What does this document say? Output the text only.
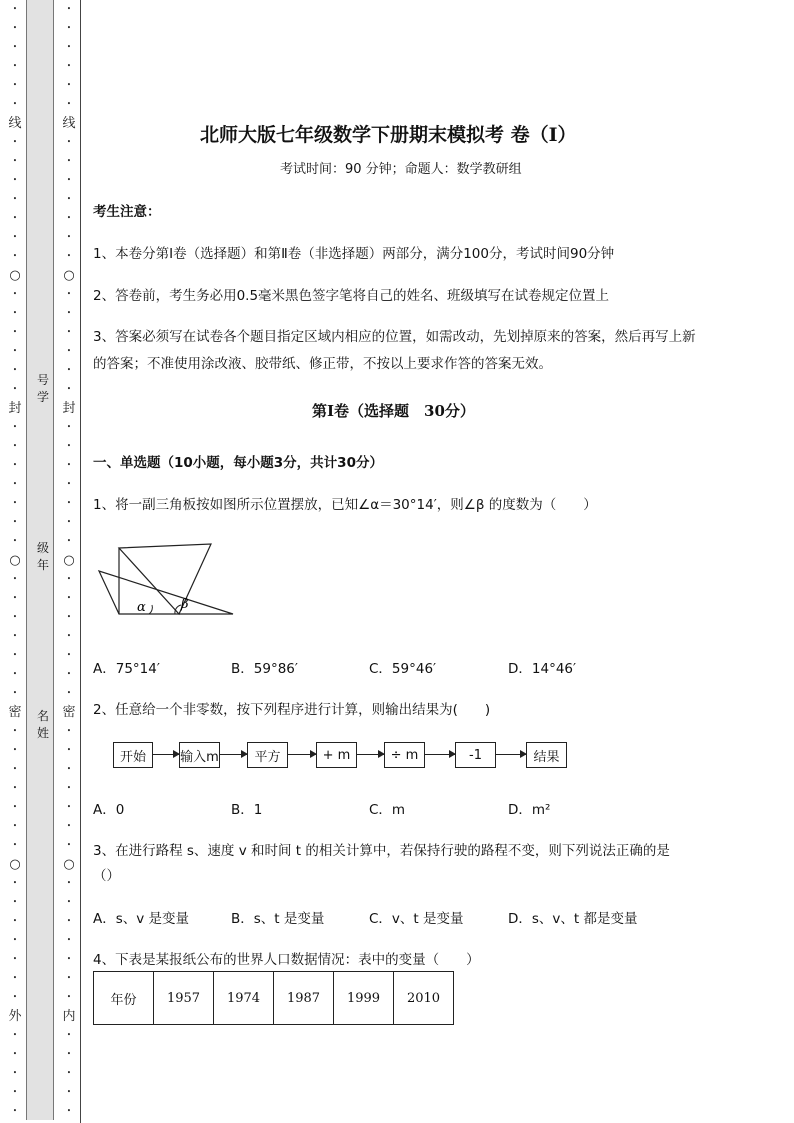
•
•
•
•
•
•
线
•
•
•
•
•
•
•
○
•
•
•
•
•
•
封
•
•
•
•
•
•
•
○
•
•
•
•
•
•
•
密
•
•
•
•
•
•
•
○
•
•
•
•
•
•
•
外
•
•
•
•
•
•
•
•
•
•
•
线
•
•
•
•
•
•
•
○
•
•
•
•
•
•
封
•
•
•
•
•
•
•
○
•
•
•
•
•
•
•
密
•
•
•
•
•
•
•
○
•
•
•
•
•
•
•
内
•
•
•
•
•
号
学
级
年
名
姓
北师大版七年级数学下册期末模拟考 卷（Ⅰ）
考试时间：90 分钟；命题人：数学教研组
考生注意：
1、本卷分第Ⅰ卷（选择题）和第Ⅱ卷（非选择题）两部分，满分100分，考试时间90分钟
2、答卷前，考生务必用0.5毫米黑色签字笔将自己的姓名、班级填写在试卷规定位置上
3、答案必须写在试卷各个题目指定区域内相应的位置，如需改动，先划掉原来的答案，然后再写上新
的答案；不准使用涂改液、胶带纸、修正带，不按以上要求作答的答案无效。
第Ⅰ卷（选择题　30分）
一、单选题（10小题，每小题3分，共计30分）
1、将一副三角板按如图所示位置摆放，已知∠α＝30°14′，则∠β 的度数为（　　）
α	β
A．75°14′	B．59°86′	C．59°46′	D．14°46′
2、任意给一个非零数，按下列程序进行计算，则输出结果为(　　)
开始	输入m	平方	+ m	÷ m	-1	结果
A．0	B．1	C．m	D．m²
3、在进行路程 s、速度 v 和时间 t 的相关计算中，若保持行驶的路程不变，则下列说法正确的是
（）
A．s、v 是变量	B．s、t 是变量	C．v、t 是变量	D．s、v、t 都是变量
4、下表是某报纸公布的世界人口数据情况：表中的变量（　　）
年份	1957	1974	1987	1999	2010
